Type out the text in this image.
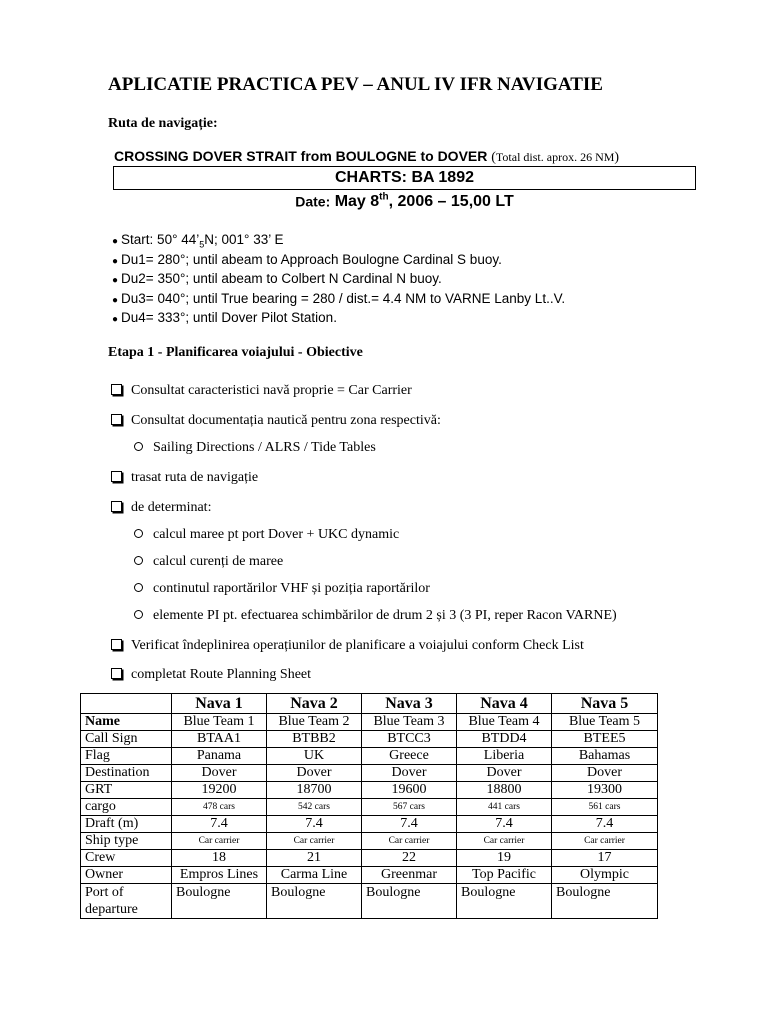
APLICATIE PRACTICA PEV – ANUL IV IFR NAVIGATIE
Ruta de navigație:
CROSSING DOVER STRAIT from BOULOGNE to DOVER (Total dist. aprox. 26 NM)
CHARTS: BA 1892
Date: May 8th, 2006 – 15,00 LT
● Start: 50° $44’_5N$; 001° 33’ E
● Du1= 280°; until abeam to Approach Boulogne Cardinal S buoy.
● Du2= 350°; until abeam to Colbert N Cardinal N buoy.
● Du3= 040°; until True bearing = 280 / dist.= 4.4 NM to VARNE Lanby Lt..V.
● Du4= 333°; until Dover Pilot Station.
Etapa 1 - Planificarea voiajului - Obiective
Consultat caracteristici navă proprie = Car Carrier
Consultat documentația nautică pentru zona respectivă:
Sailing Directions / ALRS / Tide Tables
trasat ruta de navigație
de determinat:
calcul maree pt port Dover + UKC dynamic
calcul curenți de maree
continutul raportărilor VHF și poziția raportărilor
elemente PI pt. efectuarea schimbărilor de drum 2 și 3 (3 PI, reper Racon VARNE)
Verificat îndeplinirea operațiunilor de planificare a voiajului conform Check List
completat Route Planning Sheet
	Nava 1	Nava 2	Nava 3	Nava 4	Nava 5
Name	Blue Team 1	Blue Team 2	Blue Team 3	Blue Team 4	Blue Team 5
Call Sign	BTAA1	BTBB2	BTCC3	BTDD4	BTEE5
Flag	Panama	UK	Greece	Liberia	Bahamas
Destination	Dover	Dover	Dover	Dover	Dover
GRT	19200	18700	19600	18800	19300
cargo	478 cars	542 cars	567 cars	441 cars	561 cars
Draft (m)	7.4	7.4	7.4	7.4	7.4
Ship type	Car carrier	Car carrier	Car carrier	Car carrier	Car carrier
Crew	18	21	22	19	17
Owner	Empros Lines	Carma Line	Greenmar	Top Pacific	Olympic
Port of departure	Boulogne	Boulogne	Boulogne	Boulogne	Boulogne
